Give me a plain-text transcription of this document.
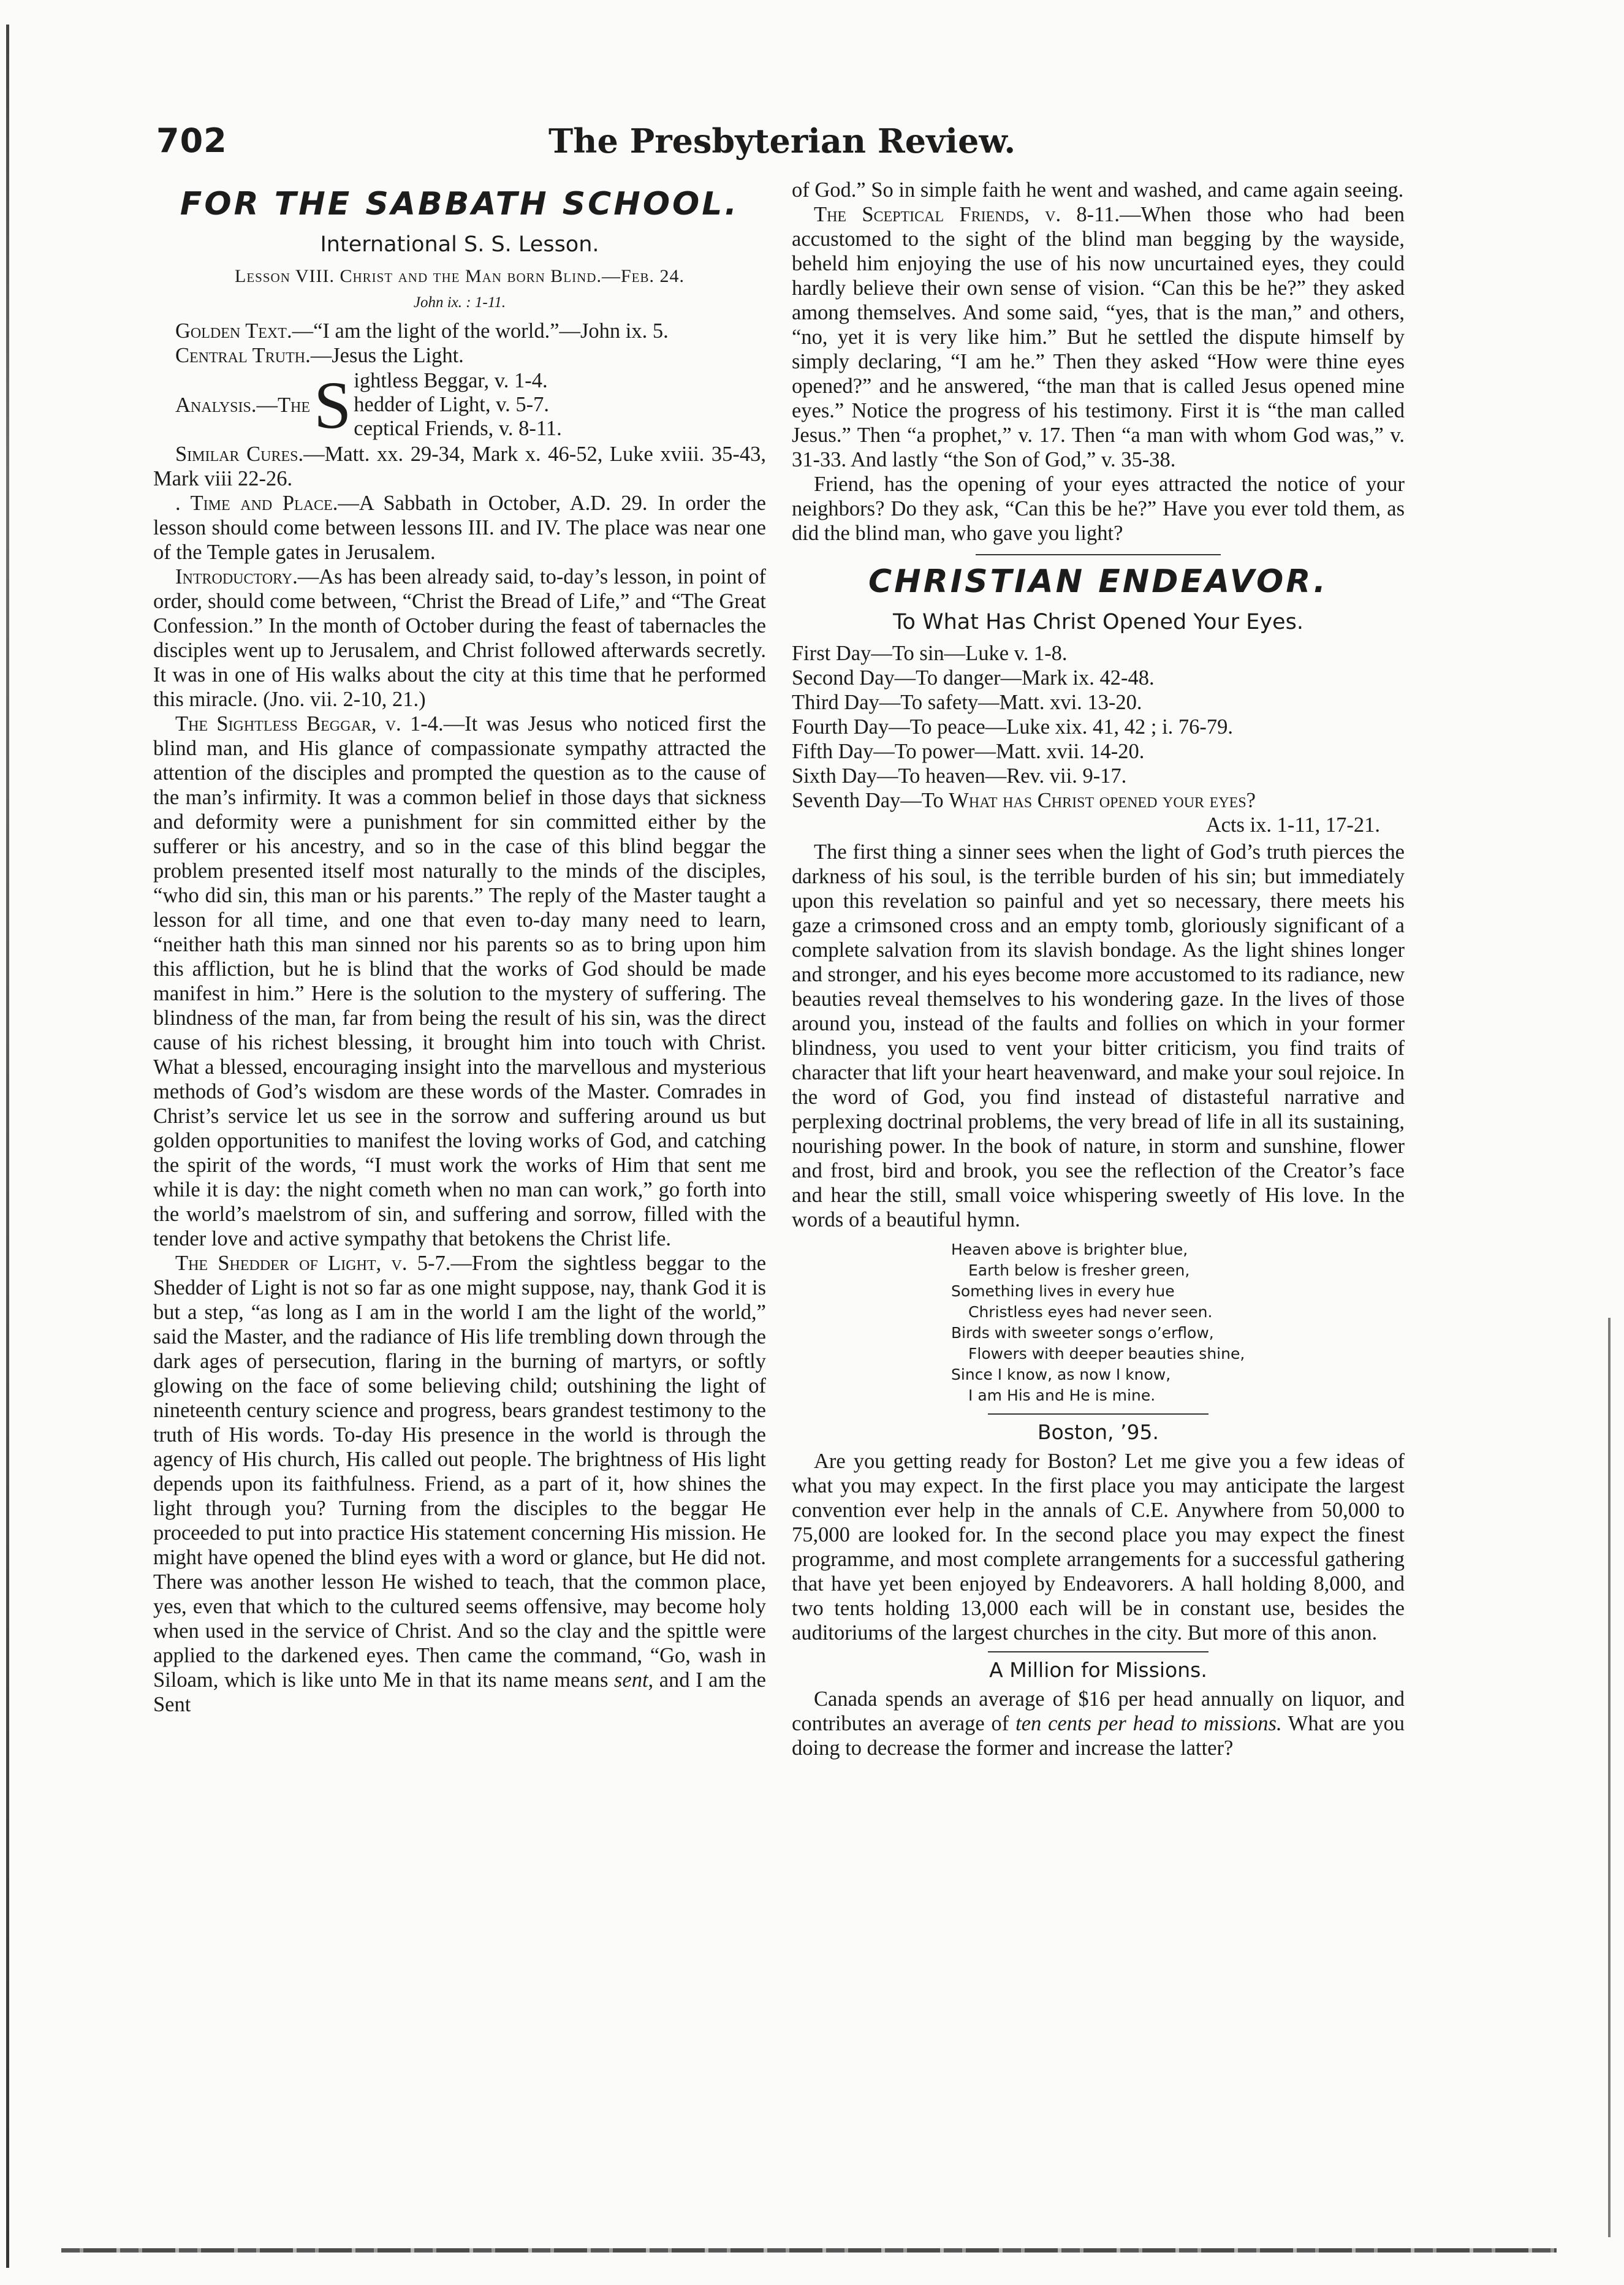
702	The Presbyterian Review.
FOR THE SABBATH SCHOOL.
International S. S. Lesson.
Lesson VIII. Christ and the Man born Blind.—Feb. 24.
John ix. : 1-11.

Golden Text.—“I am the light of the world.”—John ix. 5.

Central Truth.—Jesus the Light.

Analysis.—The S ightless Beggar, v. 1-4.
hedder of Light, v. 5-7.
ceptical Friends, v. 8-11.

Similar Cures.—Matt. xx. 29-34, Mark x. 46-52, Luke xviii. 35-43, Mark viii 22-26.

. Time and Place.—A Sabbath in October, A.D. 29. In order the lesson should come between lessons III. and IV. The place was near one of the Temple gates in Jerusalem.

Introductory.—As has been already said, to-day’s lesson, in point of order, should come between, “Christ the Bread of Life,” and “The Great Confession.” In the month of October during the feast of tabernacles the disciples went up to Jerusalem, and Christ followed afterwards secretly. It was in one of His walks about the city at this time that he performed this miracle. (Jno. vii. 2-10, 21.)

The Sightless Beggar, v. 1-4.—It was Jesus who noticed first the blind man, and His glance of compassionate sympathy attracted the attention of the disciples and prompted the question as to the cause of the man’s infirmity. It was a common belief in those days that sickness and deformity were a punishment for sin committed either by the sufferer or his ancestry, and so in the case of this blind beggar the problem presented itself most naturally to the minds of the disciples, “who did sin, this man or his parents.” The reply of the Master taught a lesson for all time, and one that even to-day many need to learn, “neither hath this man sinned nor his parents so as to bring upon him this affliction, but he is blind that the works of God should be made manifest in him.” Here is the solution to the mystery of suffering. The blindness of the man, far from being the result of his sin, was the direct cause of his richest blessing, it brought him into touch with Christ. What a blessed, encouraging insight into the marvellous and mysterious methods of God’s wisdom are these words of the Master. Comrades in Christ’s service let us see in the sorrow and suffering around us but golden opportunities to manifest the loving works of God, and catching the spirit of the words, “I must work the works of Him that sent me while it is day: the night cometh when no man can work,” go forth into the world’s maelstrom of sin, and suffering and sorrow, filled with the tender love and active sympathy that betokens the Christ life.

The Shedder of Light, v. 5-7.—From the sightless beggar to the Shedder of Light is not so far as one might suppose, nay, thank God it is but a step, “as long as I am in the world I am the light of the world,” said the Master, and the radiance of His life trembling down through the dark ages of persecution, flaring in the burning of martyrs, or softly glowing on the face of some believing child; outshining the light of nineteenth century science and progress, bears grandest testimony to the truth of His words. To-day His presence in the world is through the agency of His church, His called out people. The brightness of His light depends upon its faithfulness. Friend, as a part of it, how shines the light through you? Turning from the disciples to the beggar He proceeded to put into practice His statement concerning His mission. He might have opened the blind eyes with a word or glance, but He did not. There was another lesson He wished to teach, that the common place, yes, even that which to the cultured seems offensive, may become holy when used in the service of Christ. And so the clay and the spittle were applied to the darkened eyes. Then came the command, “Go, wash in Siloam, which is like unto Me in that its name means sent, and I am the Sent

of God.” So in simple faith he went and washed, and came again seeing.

The Sceptical Friends, v. 8-11.—When those who had been accustomed to the sight of the blind man begging by the wayside, beheld him enjoying the use of his now uncurtained eyes, they could hardly believe their own sense of vision. “Can this be he?” they asked among themselves. And some said, “yes, that is the man,” and others, “no, yet it is very like him.” But he settled the dispute himself by simply declaring, “I am he.” Then they asked “How were thine eyes opened?” and he answered, “the man that is called Jesus opened mine eyes.” Notice the progress of his testimony. First it is “the man called Jesus.” Then “a prophet,” v. 17. Then “a man with whom God was,” v. 31-33. And lastly “the Son of God,” v. 35-38.

Friend, has the opening of your eyes attracted the notice of your neighbors? Do they ask, “Can this be he?” Have you ever told them, as did the blind man, who gave you light?

CHRISTIAN ENDEAVOR.
To What Has Christ Opened Your Eyes.
First Day—To sin—Luke v. 1-8.
Second Day—To danger—Mark ix. 42-48.
Third Day—To safety—Matt. xvi. 13-20.
Fourth Day—To peace—Luke xix. 41, 42 ; i. 76-79.
Fifth Day—To power—Matt. xvii. 14-20.
Sixth Day—To heaven—Rev. vii. 9-17.
Seventh Day—To What has Christ opened your eyes?
Acts ix. 1-11, 17-21.

The first thing a sinner sees when the light of God’s truth pierces the darkness of his soul, is the terrible burden of his sin; but immediately upon this revelation so painful and yet so necessary, there meets his gaze a crimsoned cross and an empty tomb, gloriously significant of a complete salvation from its slavish bondage. As the light shines longer and stronger, and his eyes become more accustomed to its radiance, new beauties reveal themselves to his wondering gaze. In the lives of those around you, instead of the faults and follies on which in your former blindness, you used to vent your bitter criticism, you find traits of character that lift your heart heavenward, and make your soul rejoice. In the word of God, you find instead of distasteful narrative and perplexing doctrinal problems, the very bread of life in all its sustaining, nourishing power. In the book of nature, in storm and sunshine, flower and frost, bird and brook, you see the reflection of the Creator’s face and hear the still, small voice whispering sweetly of His love. In the words of a beautiful hymn.

Heaven above is brighter blue,
Earth below is fresher green,
Something lives in every hue
Christless eyes had never seen.
Birds with sweeter songs o’erflow,
Flowers with deeper beauties shine,
Since I know, as now I know,
I am His and He is mine.
Boston, ’95.

Are you getting ready for Boston? Let me give you a few ideas of what you may expect. In the first place you may anticipate the largest convention ever help in the annals of C.E. Anywhere from 50,000 to 75,000 are looked for. In the second place you may expect the finest programme, and most complete arrangements for a successful gathering that have yet been enjoyed by Endeavorers. A hall holding 8,000, and two tents holding 13,000 each will be in constant use, besides the auditoriums of the largest churches in the city. But more of this anon.

A Million for Missions.

Canada spends an average of $16 per head annually on liquor, and contributes an average of ten cents per head to missions. What are you doing to decrease the former and increase the latter?
